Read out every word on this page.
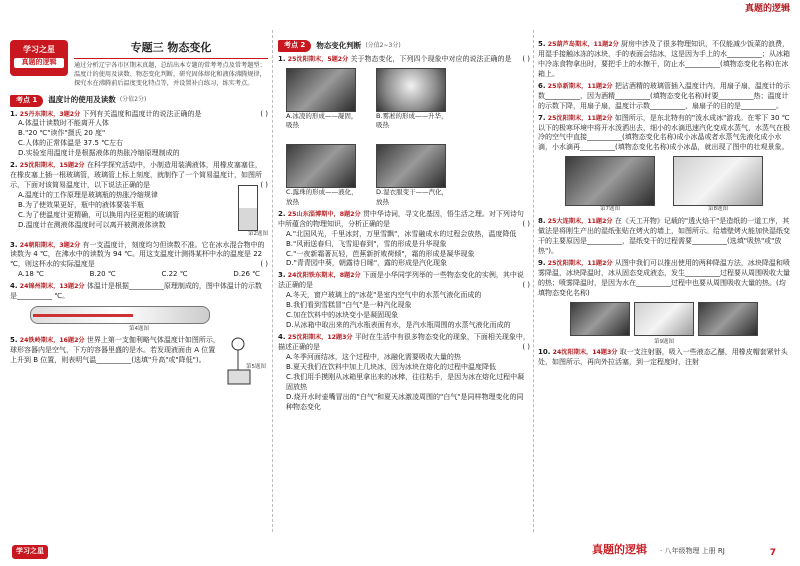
真题的逻辑
学习之星
真题的逻辑
专题三 物态变化
通过分析辽宁各市区期末真题，总结出本专题的常考考点及常考题型：温度计的使用及读数、物态变化判断，研究固体熔化和液体沸腾规律，探究水在沸腾前后温度变化特点等，并设置补白练习，练实考点。
考点 1	温度计的使用及读数 (分值2分)
1. 25丹东期末，3题2分 下列有关温度和温度计的说法正确的是	( )
A.体温计读数时不能离开人体
B."20 ℃"读作"摄氏 20 度"
C.人体的正常体温是 37.5 ℃左右
D.实验室用温度计是根据液体的热胀冷缩原理制成的
2. 25沈阳期末，15题2分 在科学探究活动中，小制造用装满液体，用橡皮塞塞住，在橡皮塞上插一根玻璃管，玻璃管上标上刻度，就制作了一个简易温度计，如图所示，下面对该简易温度计，以下说法正确的是	( )
A.温度计的工作原理是玻璃瓶的热胀冷缩规律
B.为了使效果更好，瓶中的液体要装半瓶
C.为了使温度计更精确，可以换用内径更粗的玻璃管
D.温度计在测液体温度时可以离开被测液体读数
第2题图
3. 24朝阳期末，3题2分 有一支温度计，刻度均匀但读数不准。它在冰水混合物中的读数为 4 ℃，在沸水中的读数为 94 ℃。用这支温度计测得某杯中水的温度是 22 ℃，则这杯水的实际温度是	( )
A.18 ℃	B.20 ℃	C.22 ℃	D.26 ℃
4. 24锦州期末，13题2分 体温计是根据__________原理制成的，图中体温计的示数是__________ ℃。
第4题图
5. 24铁岭期末，16题2分 世界上第一支伽利略气体温度计如图所示，球形容器内是空气，下方的容器里盛的是水。若发现液面由 A 位置上升到 B 位置，则表明气温__________(选填"升高"或"降低")。
第5题图
考点 2	物态变化判断 (分值2~3分)
1. 25沈阳期末，5题2分 关于物态变化，下列四个现象中对应的说法正确的是 ( )
A.冰凌的形成——凝固，吸热
B.雾凇的形成——升华，吸热
C.露珠的形成——液化，放热
D.湿衣服变干——汽化，放热
2. 25山东淄博期中，8题2分 贯中华诗词，寻文化基因，悟生活之理。对下列诗句中所蕴含的物理知识，分析正确的是	( )
A."北国风光，千里冰封，万里雪飘"，冰雪融成水的过程会放热，温度降低
B."风雨送春归，飞雪迎春到"，雪的形成是升华现象
C."一夜新霜著瓦轻，芭蕉新折败荷倾"，霜的形成是凝华现象
D."青青园中葵，朝露待日晞"，露的形成是汽化现象
3. 24沈阳铁东期末，8题2分 下面是小华同学列举的一些物态变化的实例，其中说法正确的是	( )
A.冬天，窗户玻璃上的"冰花"是室内空气中的水蒸气液化而成的
B.我们看到雪糕冒"白气"是一种汽化现象
C.加在饮料中的冰块变小是凝固现象
D.从冰箱中取出来的汽水瓶表面有水，是汽水瓶周围的水蒸气液化而成的
4. 25沈阳期末，12题3分 平时在生活中有很多物态变化的现象，下面相关现象中，描述正确的是	( )
A.冬季河面结冰，这个过程中，冰融化需要吸收大量的热
B.夏天我们在饮料中加上几块冰，因为冰块在熔化的过程中温度降低
C.我们用手摸刚从冰箱里拿出来的冰棒，往往粘手，是因为冰在熔化过程中凝固放热
D.烧开水时壶嘴冒出的"白气"和夏天冰激凌周围的"白气"是同样物理变化的同种物态变化
5. 25葫芦岛期末，11题2分 厨房中涉及了很多物理知识，不仅能减少饭菜的浪费，用湿手接触冰冻的冰块，手的表面会结冰，这是因为手上的水__________；从冰箱中冷冻食物拿出时，要把手上的水擦干，防止水__________(填物态变化名称)在冰箱上。
6. 25阜新期末，11题2分 把沾酒精的玻璃管插入温度计内，用扇子扇，温度计的示数__________，因为酒精__________(填物态变化名称)时要__________热；温度计的示数下降，用扇子扇，温度计示数__________，扇扇子的目的是__________。
7. 25沈阳期末，11题2分 如图所示，是东北特有的"泼水成冰"游戏。在零下 30 ℃以下的极寒环境中将开水泼洒出去，细小的水滴迅速汽化变成水蒸气，水蒸气在极冷的空气中直接__________(填物态变化名称)成小冰晶或者水蒸气先液化成小水滴，小水滴再__________(填物态变化名称)成小冰晶，就出现了图中的壮观景象。
第7题图	第8题图
8. 25大连期末，11题2分 在《天工开物》记载的"透火焙干"是造纸的一道工序，其做法是将刚生产出的湿纸张贴在烤火的墙上，如图所示。给墙壁烤火能加快湿纸变干的主要原因是__________，湿纸变干的过程需要__________(选填"吸热"或"放热")。
9. 25沈阳期末，11题2分 从图中我们可以推出使用的两种降温方法，冰块降温和喷雾降温，冰块降温时，冰从固态变成液态，发生__________过程要从周围吸收大量的热；喷雾降温时，是因为水在__________过程中也要从周围吸收大量的热。(均填物态变化名称)
第9题图
10. 24沈阳期末，14题3分 取一支注射器，吸入一些液态乙醚，用橡皮帽套紧针头处，如图所示，再向外拉活塞，到一定程度时，注射
学习之星	真题的逻辑 · 八年级物理 上册 RJ	7
